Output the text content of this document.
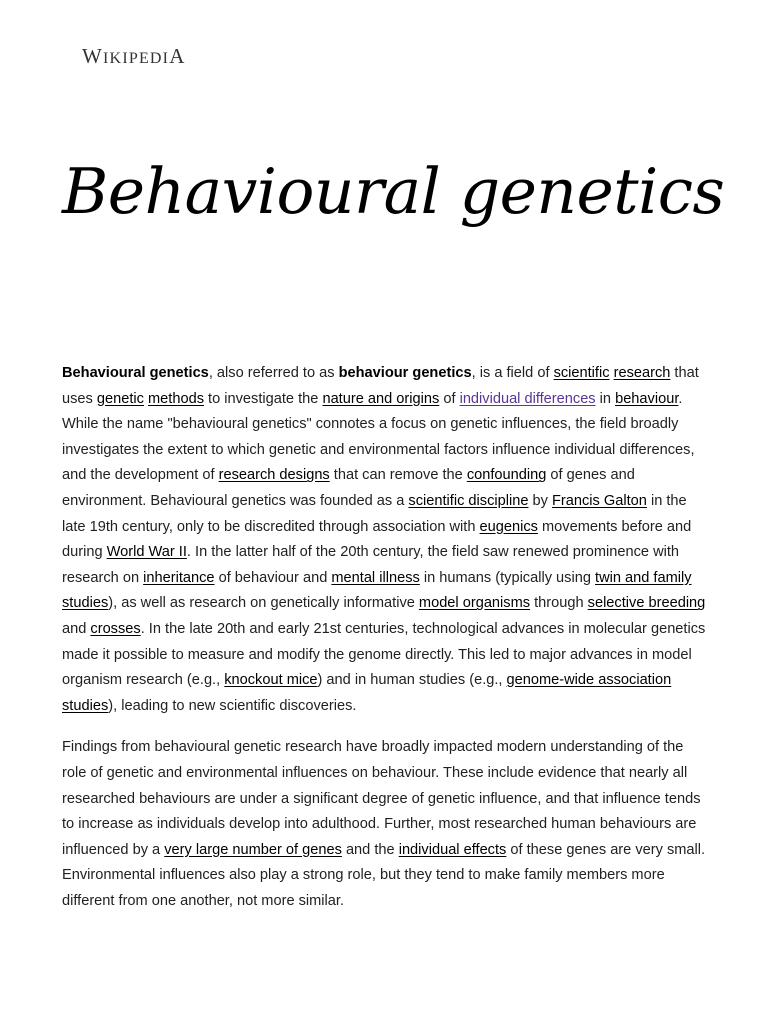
WIKIPEDIA
Behavioural genetics

Behavioural genetics, also referred to as behaviour genetics, is a field of scientific research that uses genetic methods to investigate the nature and origins of individual differences in behaviour. While the name "behavioural genetics" connotes a focus on genetic influences, the field broadly investigates the extent to which genetic and environmental factors influence individual differences, and the development of research designs that can remove the confounding of genes and environment. Behavioural genetics was founded as a scientific discipline by Francis Galton in the late 19th century, only to be discredited through association with eugenics movements before and during World War II. In the latter half of the 20th century, the field saw renewed prominence with research on inheritance of behaviour and mental illness in humans (typically using twin and family studies), as well as research on genetically informative model organisms through selective breeding and crosses. In the late 20th and early 21st centuries, technological advances in molecular genetics made it possible to measure and modify the genome directly. This led to major advances in model organism research (e.g., knockout mice) and in human studies (e.g., genome-wide association studies), leading to new scientific discoveries.

Findings from behavioural genetic research have broadly impacted modern understanding of the role of genetic and environmental influences on behaviour. These include evidence that nearly all researched behaviours are under a significant degree of genetic influence, and that influence tends to increase as individuals develop into adulthood. Further, most researched human behaviours are influenced by a very large number of genes and the individual effects of these genes are very small. Environmental influences also play a strong role, but they tend to make family members more different from one another, not more similar.
